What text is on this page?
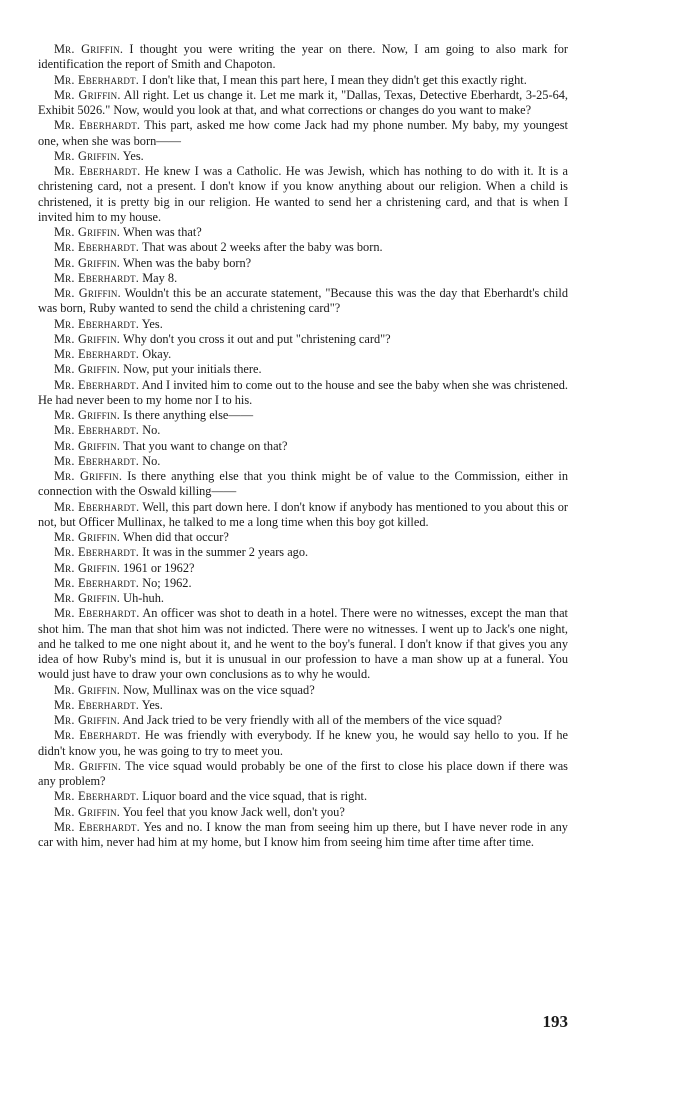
Mr. Griffin. I thought you were writing the year on there. Now, I am going to also mark for identification the report of Smith and Chapoton.

Mr. Eberhardt. I don't like that, I mean this part here, I mean they didn't get this exactly right.

Mr. Griffin. All right. Let us change it. Let me mark it, "Dallas, Texas, Detective Eberhardt, 3-25-64, Exhibit 5026." Now, would you look at that, and what corrections or changes do you want to make?

Mr. Eberhardt. This part, asked me how come Jack had my phone number. My baby, my youngest one, when she was born——

Mr. Griffin. Yes.

Mr. Eberhardt. He knew I was a Catholic. He was Jewish, which has nothing to do with it. It is a christening card, not a present. I don't know if you know anything about our religion. When a child is christened, it is pretty big in our religion. He wanted to send her a christening card, and that is when I invited him to my house.

Mr. Griffin. When was that?

Mr. Eberhardt. That was about 2 weeks after the baby was born.

Mr. Griffin. When was the baby born?

Mr. Eberhardt. May 8.

Mr. Griffin. Wouldn't this be an accurate statement, "Because this was the day that Eberhardt's child was born, Ruby wanted to send the child a christening card"?

Mr. Eberhardt. Yes.

Mr. Griffin. Why don't you cross it out and put "christening card"?

Mr. Eberhardt. Okay.

Mr. Griffin. Now, put your initials there.

Mr. Eberhardt. And I invited him to come out to the house and see the baby when she was christened. He had never been to my home nor I to his.

Mr. Griffin. Is there anything else——

Mr. Eberhardt. No.

Mr. Griffin. That you want to change on that?

Mr. Eberhardt. No.

Mr. Griffin. Is there anything else that you think might be of value to the Commission, either in connection with the Oswald killing——

Mr. Eberhardt. Well, this part down here. I don't know if anybody has mentioned to you about this or not, but Officer Mullinax, he talked to me a long time when this boy got killed.

Mr. Griffin. When did that occur?

Mr. Eberhardt. It was in the summer 2 years ago.

Mr. Griffin. 1961 or 1962?

Mr. Eberhardt. No; 1962.

Mr. Griffin. Uh-huh.

Mr. Eberhardt. An officer was shot to death in a hotel. There were no witnesses, except the man that shot him. The man that shot him was not indicted. There were no witnesses. I went up to Jack's one night, and he talked to me one night about it, and he went to the boy's funeral. I don't know if that gives you any idea of how Ruby's mind is, but it is unusual in our profession to have a man show up at a funeral. You would just have to draw your own conclusions as to why he would.

Mr. Griffin. Now, Mullinax was on the vice squad?

Mr. Eberhardt. Yes.

Mr. Griffin. And Jack tried to be very friendly with all of the members of the vice squad?

Mr. Eberhardt. He was friendly with everybody. If he knew you, he would say hello to you. If he didn't know you, he was going to try to meet you.

Mr. Griffin. The vice squad would probably be one of the first to close his place down if there was any problem?

Mr. Eberhardt. Liquor board and the vice squad, that is right.

Mr. Griffin. You feel that you know Jack well, don't you?

Mr. Eberhardt. Yes and no. I know the man from seeing him up there, but I have never rode in any car with him, never had him at my home, but I know him from seeing him time after time after time.

193
